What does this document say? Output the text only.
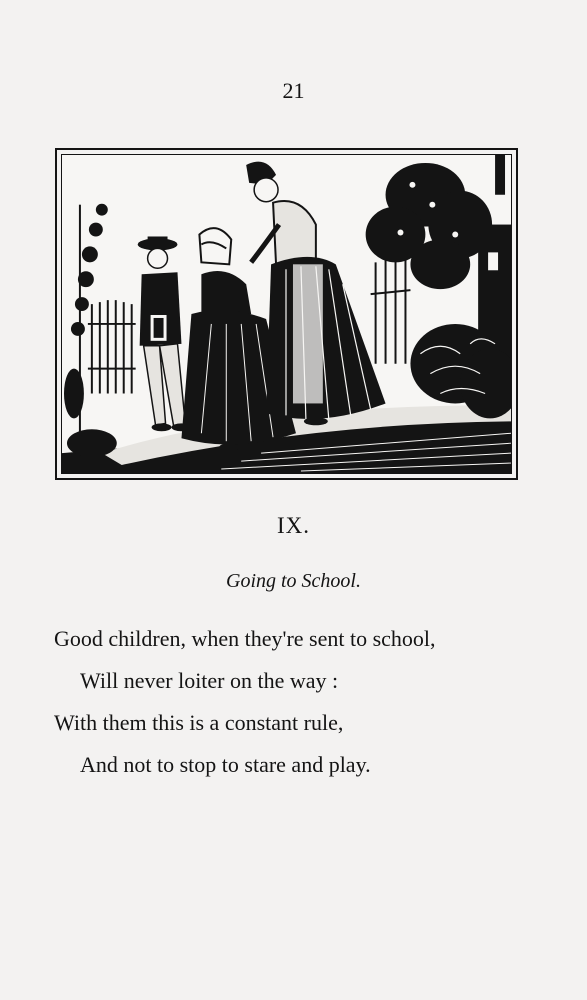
21
IX.
Going to School.
Good children, when they're sent to school,
Will never loiter on the way :
With them this is a constant rule,
And not to stop to stare and play.
